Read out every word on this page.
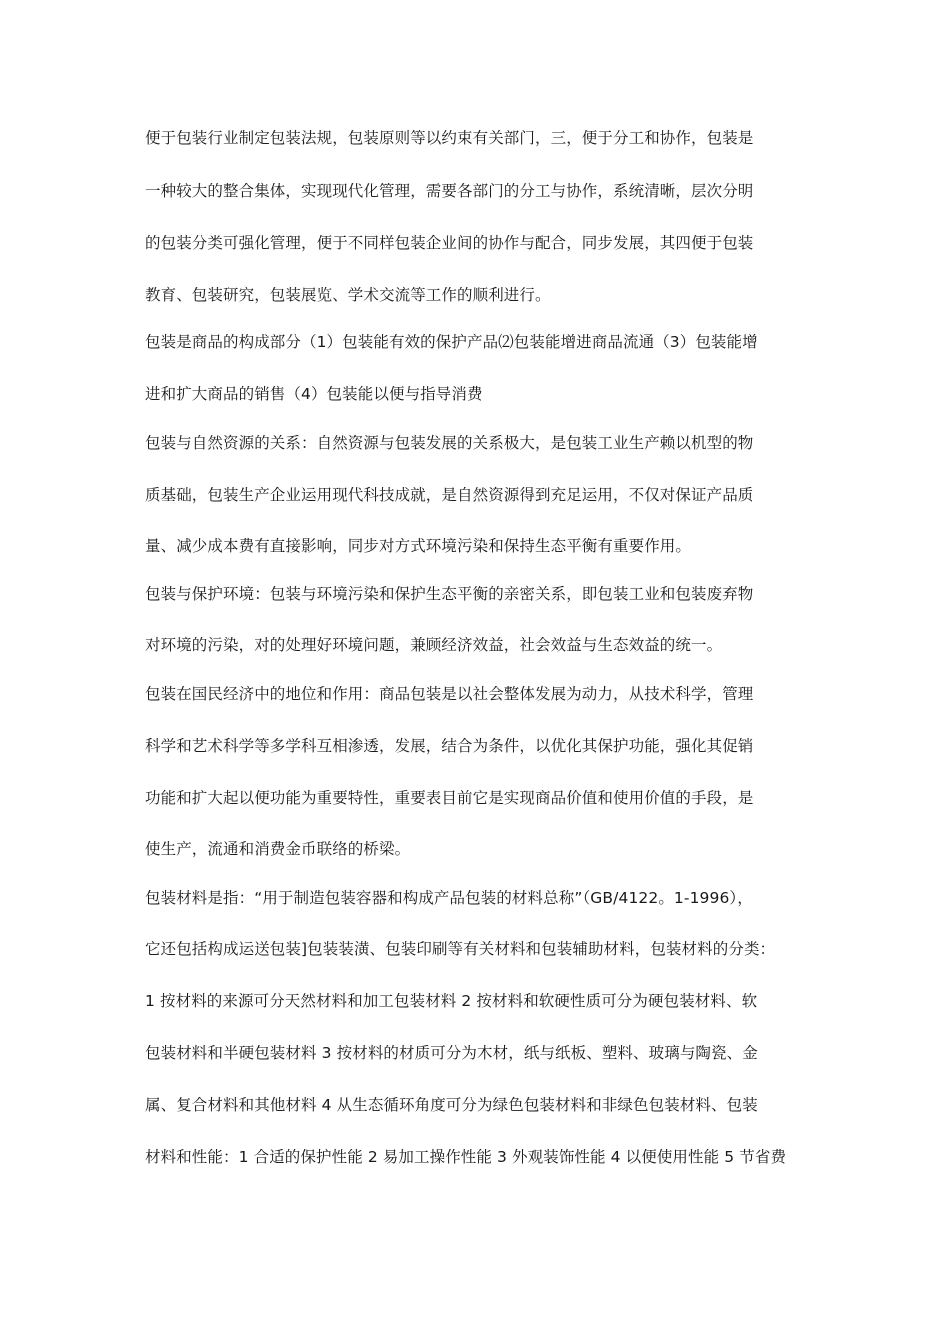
便于包装行业制定包装法规，包装原则等以约束有关部门，三，便于分工和协作，包装是
一种较大的整合集体，实现现代化管理，需要各部门的分工与协作，系统清晰，层次分明
的包装分类可强化管理，便于不同样包装企业间的协作与配合，同步发展，其四便于包装
教育、包装研究，包装展览、学术交流等工作的顺利进行。
包装是商品的构成部分（1）包装能有效的保护产品⑵包装能增进商品流通（3）包装能增
进和扩大商品的销售（4）包装能以便与指导消费
包装与自然资源的关系：自然资源与包装发展的关系极大，是包装工业生产赖以机型的物
质基础，包装生产企业运用现代科技成就，是自然资源得到充足运用，不仅对保证产品质
量、减少成本费有直接影响，同步对方式环境污染和保持生态平衡有重要作用。
包装与保护环境：包装与环境污染和保护生态平衡的亲密关系，即包装工业和包装废弃物
对环境的污染，对的处理好环境问题，兼顾经济效益，社会效益与生态效益的统一。
包装在国民经济中的地位和作用：商品包装是以社会整体发展为动力，从技术科学，管理
科学和艺术科学等多学科互相渗透，发展，结合为条件，以优化其保护功能，强化其促销
功能和扩大起以便功能为重要特性，重要表目前它是实现商品价值和使用价值的手段，是
使生产，流通和消费金币联络的桥梁。
包装材料是指：“用于制造包装容器和构成产品包装的材料总称”（GB/4122。1-1996），
它还包括构成运送包装]包装装潢、包装印刷等有关材料和包装辅助材料，包装材料的分类：
1 按材料的来源可分天然材料和加工包装材料 2 按材料和软硬性质可分为硬包装材料、软
包装材料和半硬包装材料 3 按材料的材质可分为木材，纸与纸板、塑料、玻璃与陶瓷、金
属、复合材料和其他材料 4 从生态循环角度可分为绿色包装材料和非绿色包装材料、包装
材料和性能：1 合适的保护性能 2 易加工操作性能 3 外观装饰性能 4 以便使用性能 5 节省费
